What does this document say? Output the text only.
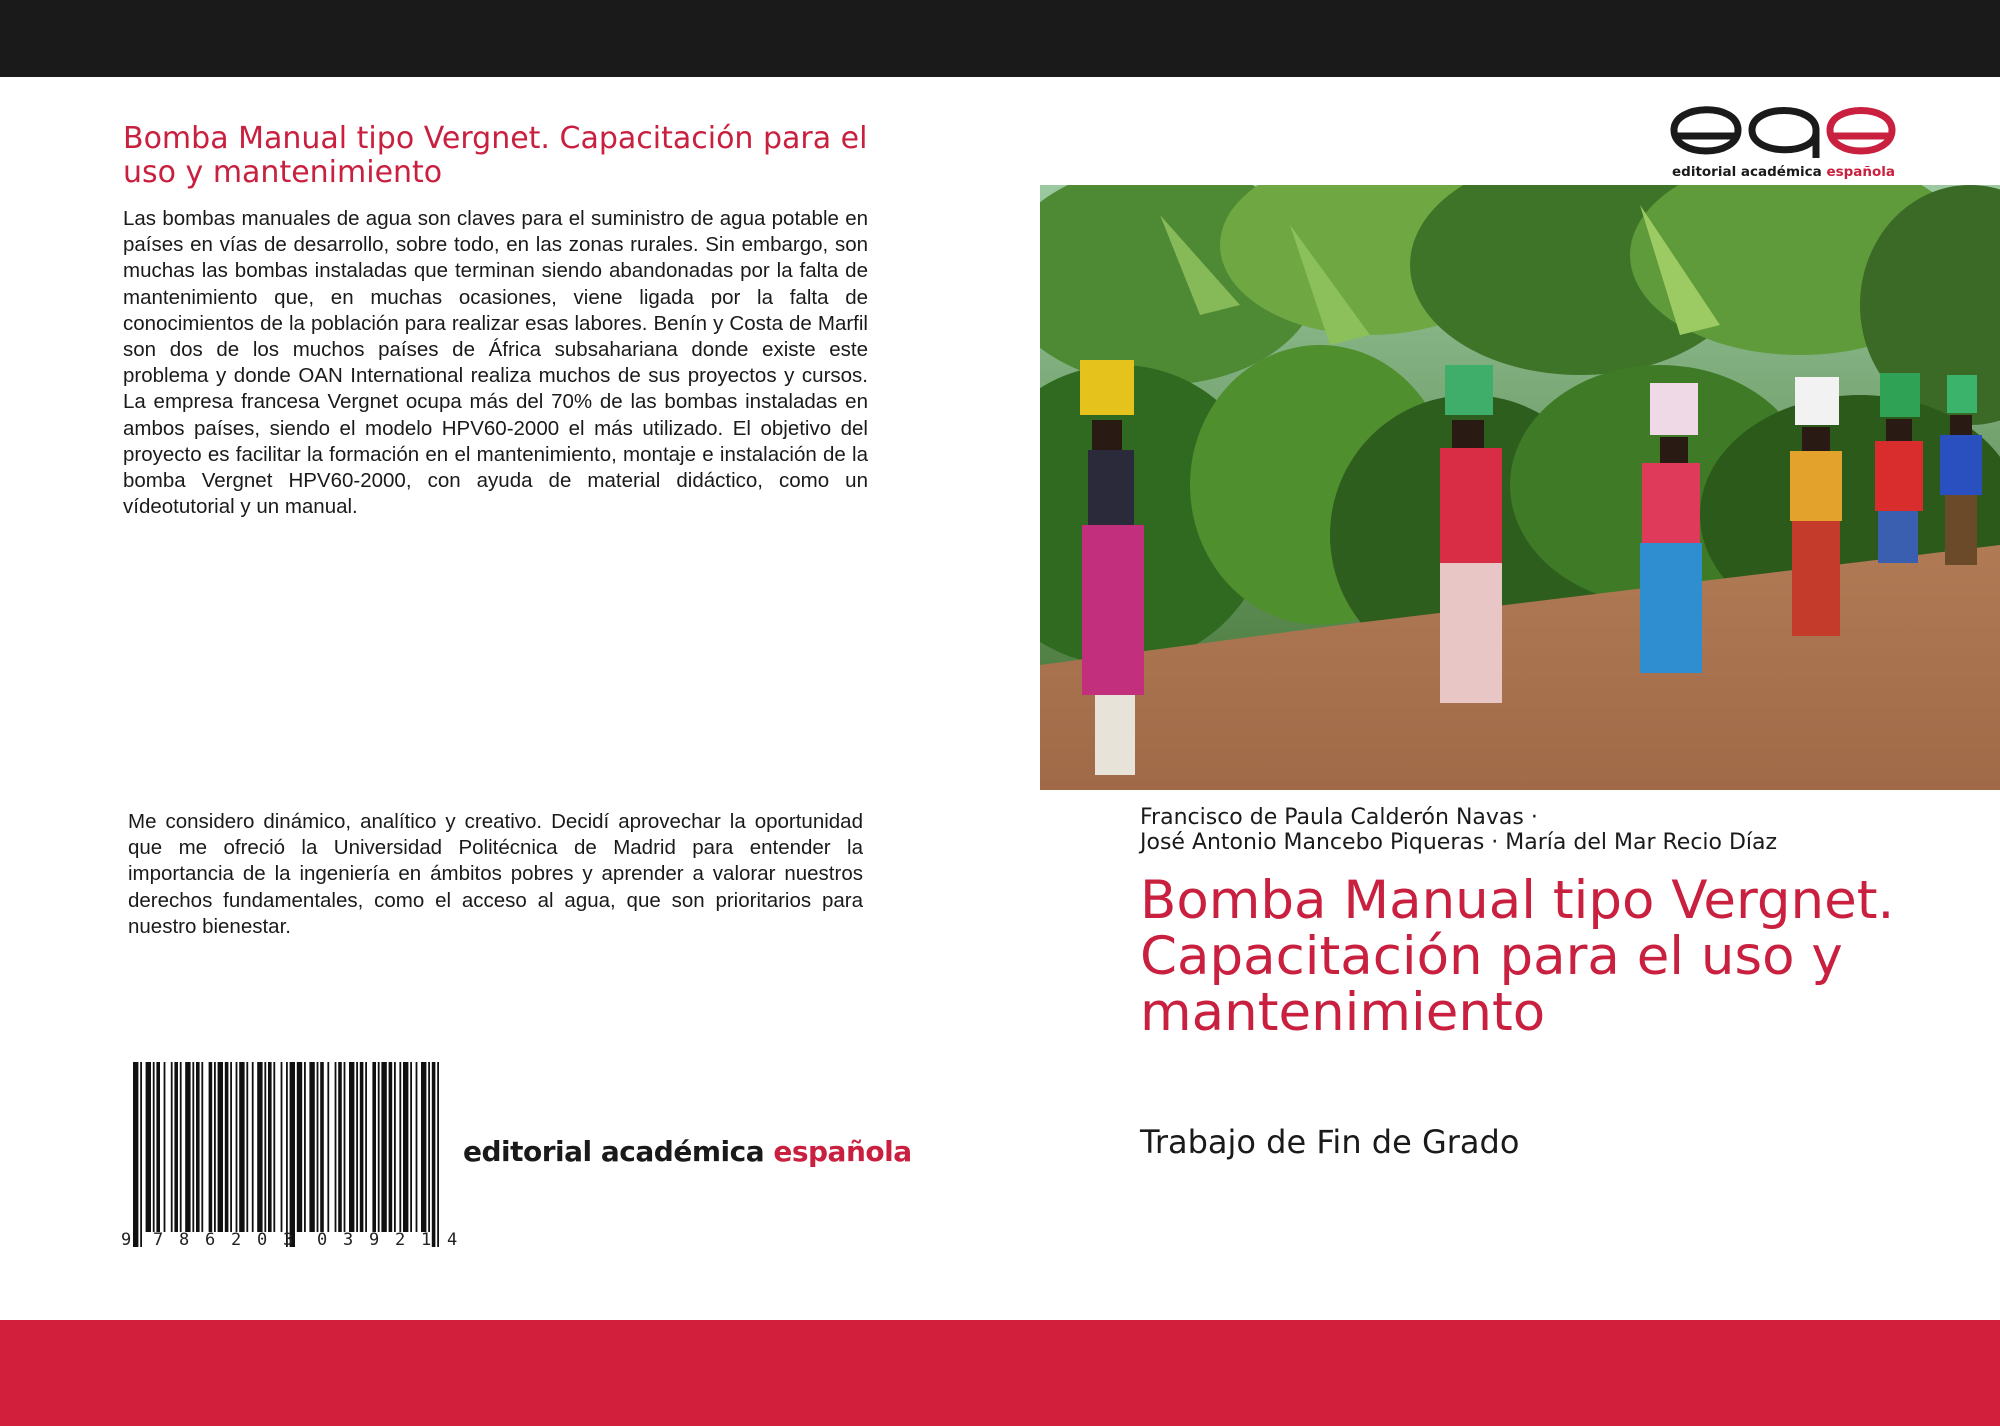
Bomba Manual tipo Vergnet. Capacitación para el uso y mantenimiento

Las bombas manuales de agua son claves para el suministro de agua potable en países en vías de desarrollo, sobre todo, en las zonas rurales. Sin embargo, son muchas las bombas instaladas que terminan siendo abandonadas por la falta de mantenimiento que, en muchas ocasiones, viene ligada por la falta de conocimientos de la población para realizar esas labores. Benín y Costa de Marfil son dos de los muchos países de África subsahariana donde existe este problema y donde OAN International realiza muchos de sus proyectos y cursos. La empresa francesa Vergnet ocupa más del 70% de las bombas instaladas en ambos países, siendo el modelo HPV60-2000 el más utilizado. El objetivo del proyecto es facilitar la formación en el mantenimiento, montaje e instalación de la bomba Vergnet HPV60-2000, con ayuda de material didáctico, como un vídeotutorial y un manual.

Me considero dinámico, analítico y creativo. Decidí aprovechar la oportunidad que me ofreció la Universidad Politécnica de Madrid para entender la importancia de la ingeniería en ámbitos pobres y aprender a valorar nuestros derechos fundamentales, como el acceso al agua, que son prioritarios para nuestro bienestar.

9 7 8 6 2 0 3 0 3 9 2 1 4
editorial académica española
editorial académica española
Francisco de Paula Calderón Navas ·
José Antonio Mancebo Piqueras · María del Mar Recio Díaz
Bomba Manual tipo Vergnet. Capacitación para el uso y mantenimiento

Trabajo de Fin de Grado
